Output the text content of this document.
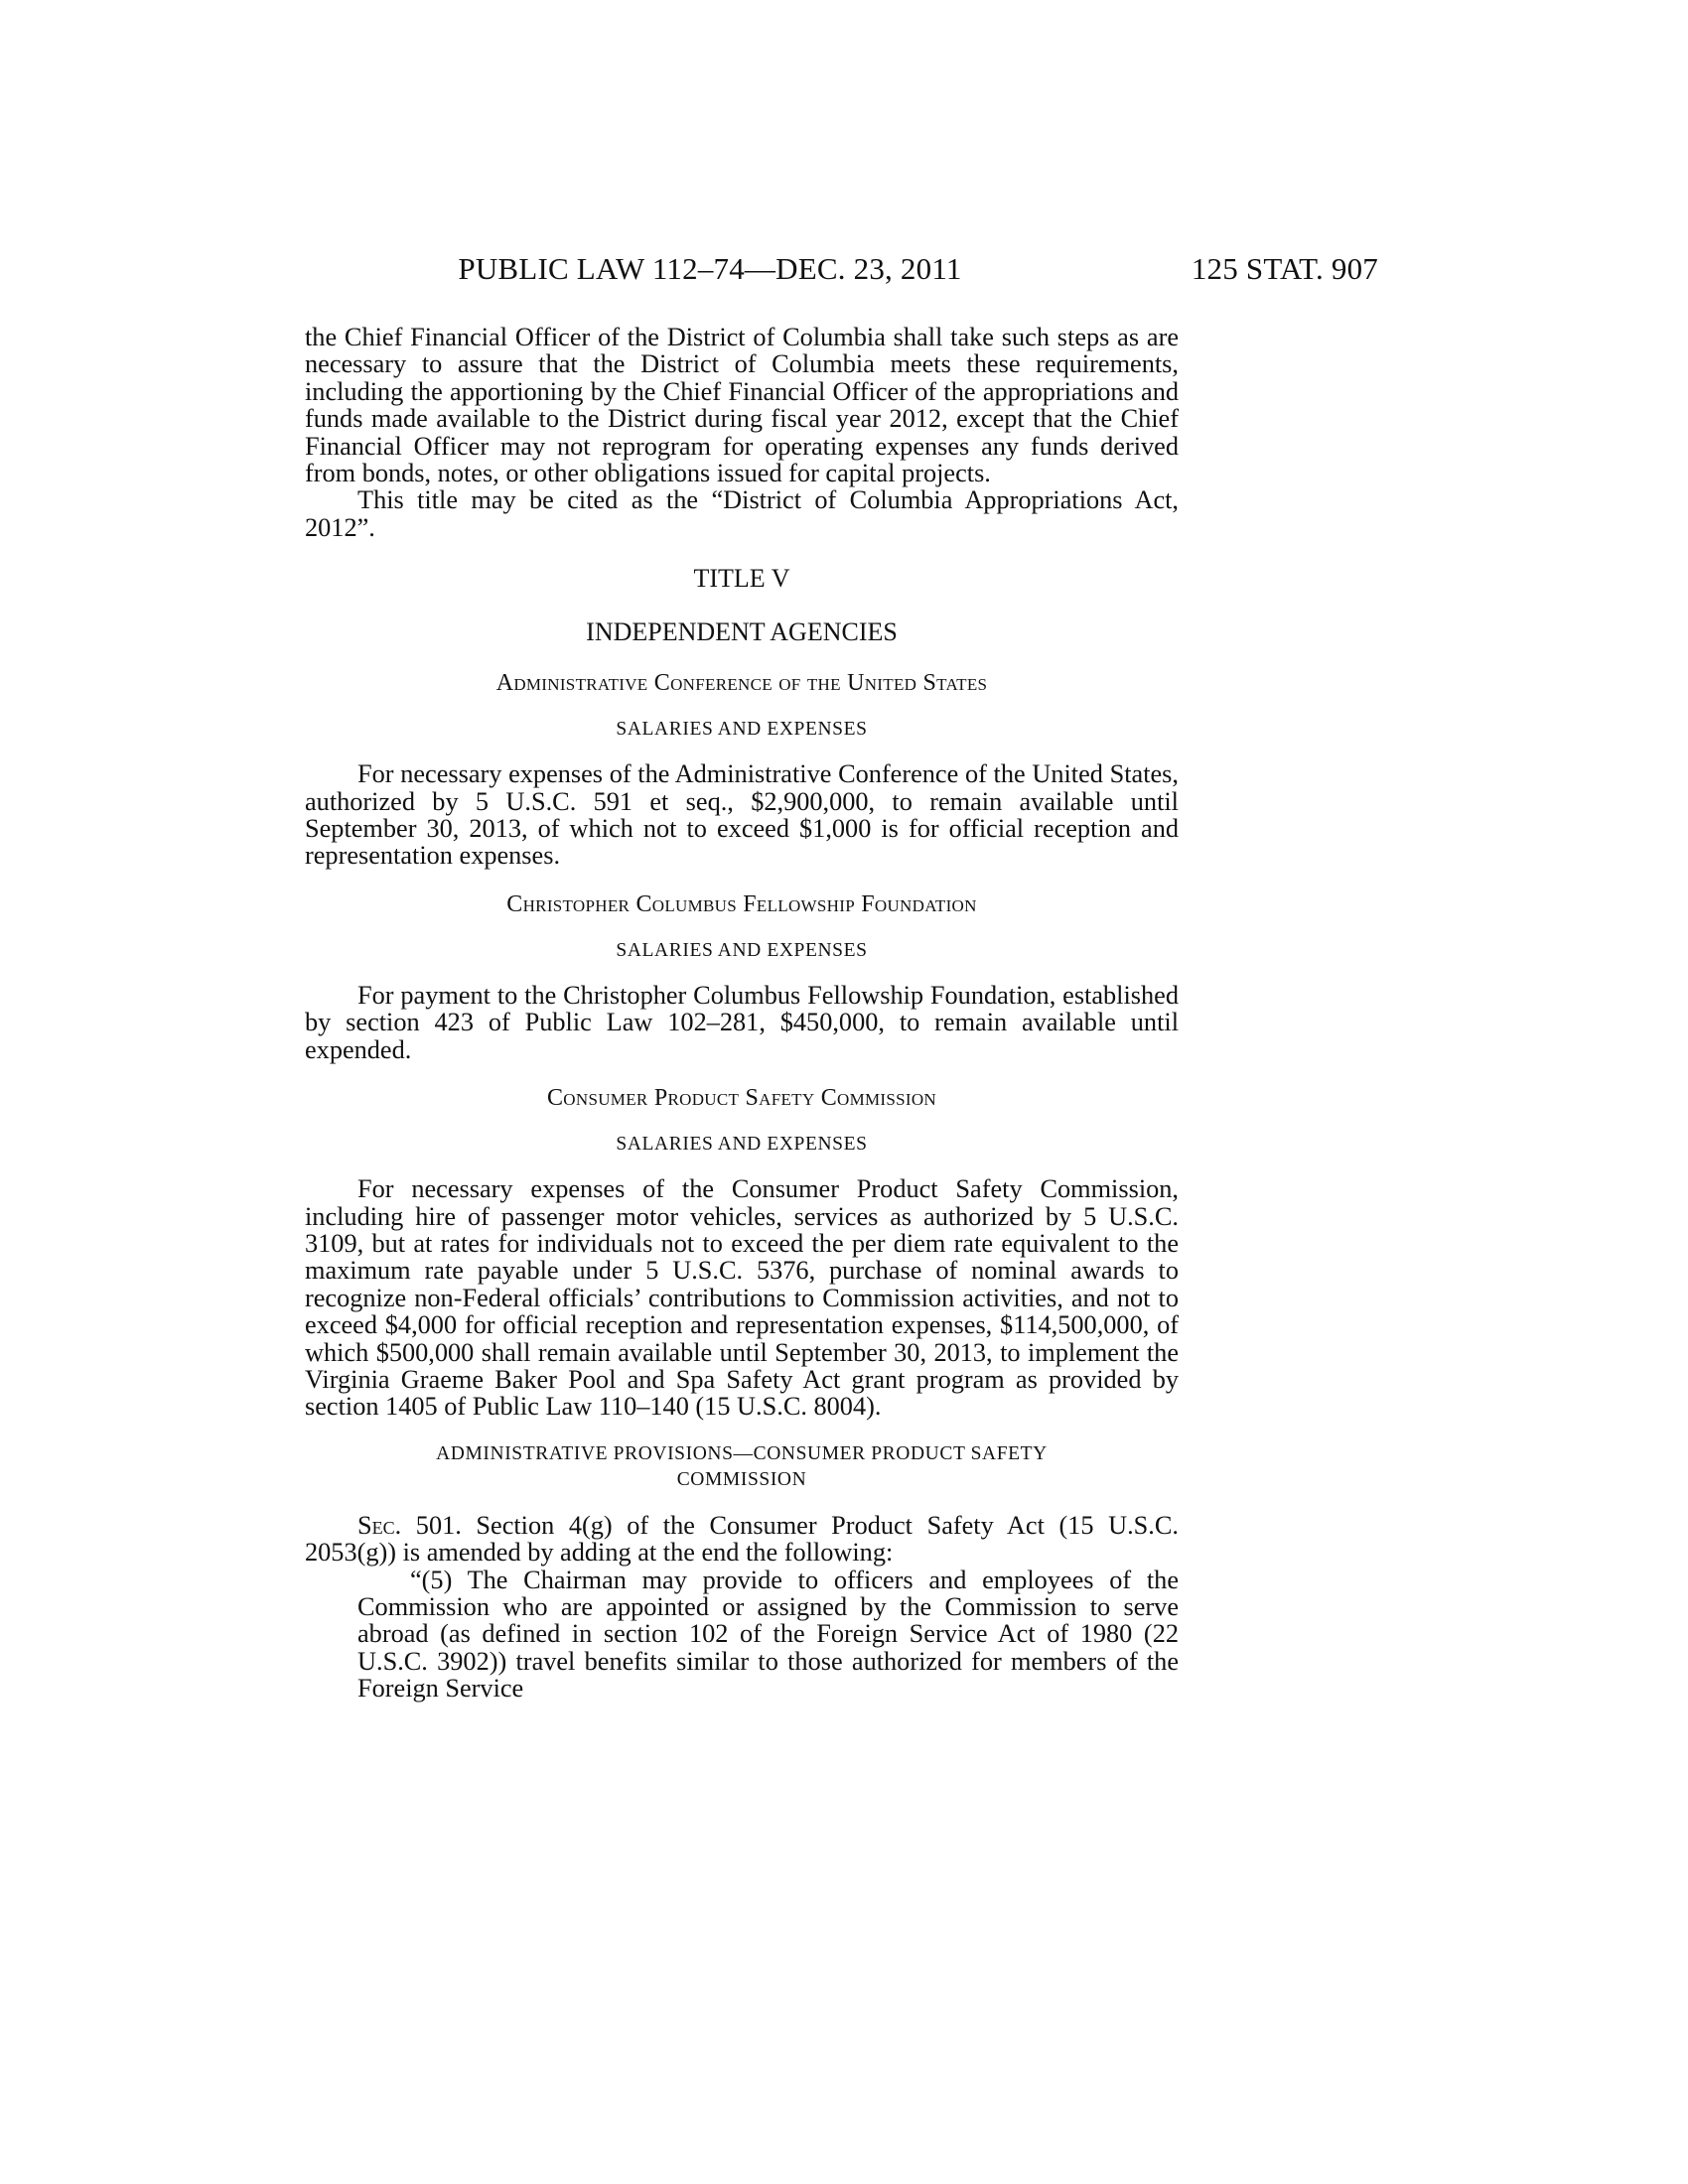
PUBLIC LAW 112–74—DEC. 23, 2011	125 STAT. 907

the Chief Financial Officer of the District of Columbia shall take such steps as are necessary to assure that the District of Columbia meets these requirements, including the apportioning by the Chief Financial Officer of the appropriations and funds made available to the District during fiscal year 2012, except that the Chief Financial Officer may not reprogram for operating expenses any funds derived from bonds, notes, or other obligations issued for capital projects.

This title may be cited as the “District of Columbia Appropriations Act, 2012”.

TITLE V
INDEPENDENT AGENCIES
Administrative Conference of the United States
SALARIES AND EXPENSES

For necessary expenses of the Administrative Conference of the United States, authorized by 5 U.S.C. 591 et seq., $2,900,000, to remain available until September 30, 2013, of which not to exceed $1,000 is for official reception and representation expenses.

Christopher Columbus Fellowship Foundation
SALARIES AND EXPENSES

For payment to the Christopher Columbus Fellowship Foundation, established by section 423 of Public Law 102–281, $450,000, to remain available until expended.

Consumer Product Safety Commission
SALARIES AND EXPENSES

For necessary expenses of the Consumer Product Safety Commission, including hire of passenger motor vehicles, services as authorized by 5 U.S.C. 3109, but at rates for individuals not to exceed the per diem rate equivalent to the maximum rate payable under 5 U.S.C. 5376, purchase of nominal awards to recognize non-Federal officials’ contributions to Commission activities, and not to exceed $4,000 for official reception and representation expenses, $114,500,000, of which $500,000 shall remain available until September 30, 2013, to implement the Virginia Graeme Baker Pool and Spa Safety Act grant program as provided by section 1405 of Public Law 110–140 (15 U.S.C. 8004).

ADMINISTRATIVE PROVISIONS—CONSUMER PRODUCT SAFETY
COMMISSION

Sec. 501. Section 4(g) of the Consumer Product Safety Act (15 U.S.C. 2053(g)) is amended by adding at the end the following:

“(5) The Chairman may provide to officers and employees of the Commission who are appointed or assigned by the Commission to serve abroad (as defined in section 102 of the Foreign Service Act of 1980 (22 U.S.C. 3902)) travel benefits similar to those authorized for members of the Foreign Service
